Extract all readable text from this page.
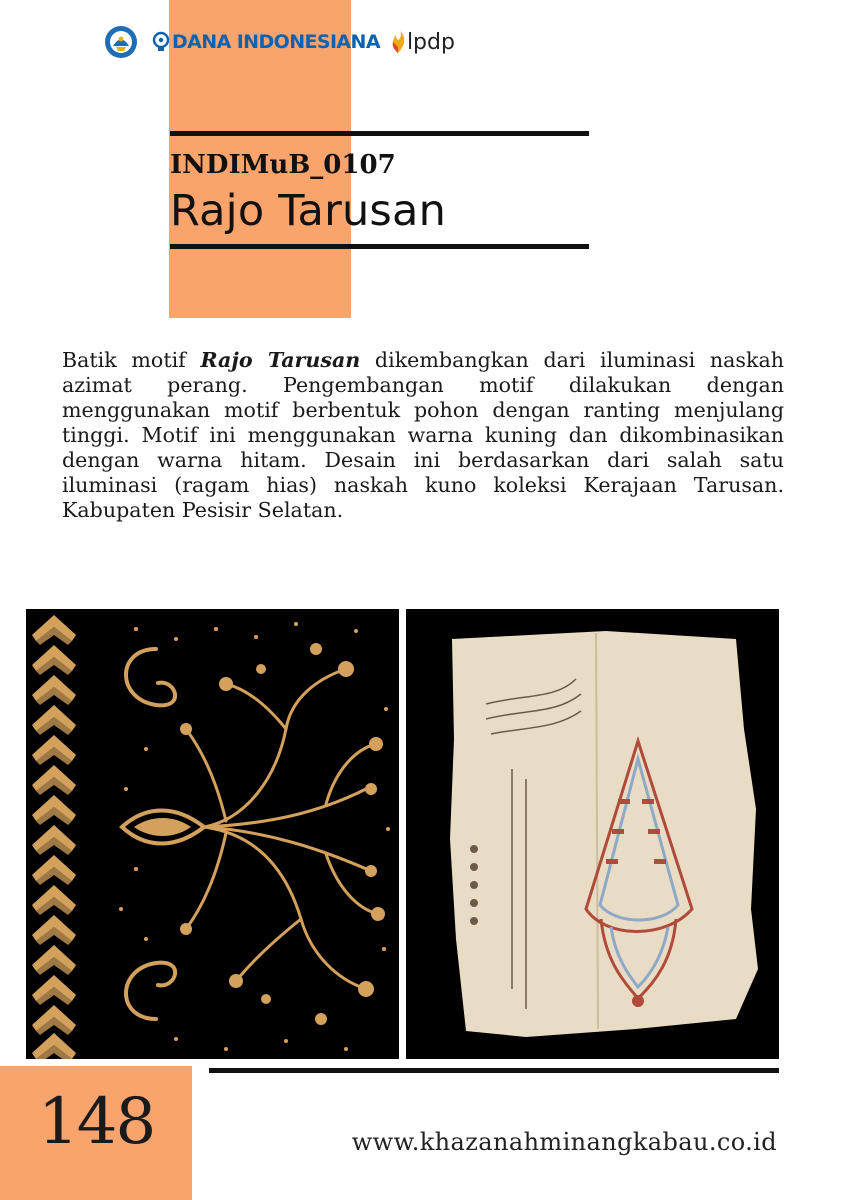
DANA INDONESIANA lpdp
INDIMuB_0107
Rajo Tarusan

Batik motif Rajo Tarusan dikembangkan dari iluminasi naskah azimat perang. Pengembangan motif dilakukan dengan menggunakan motif berbentuk pohon dengan ranting menjulang tinggi. Motif ini menggunakan warna kuning dan dikombinasikan dengan warna hitam. Desain ini berdasarkan dari salah satu iluminasi (ragam hias) naskah kuno koleksi Kerajaan Tarusan. Kabupaten Pesisir Selatan.

148	www.khazanahminangkabau.co.id
